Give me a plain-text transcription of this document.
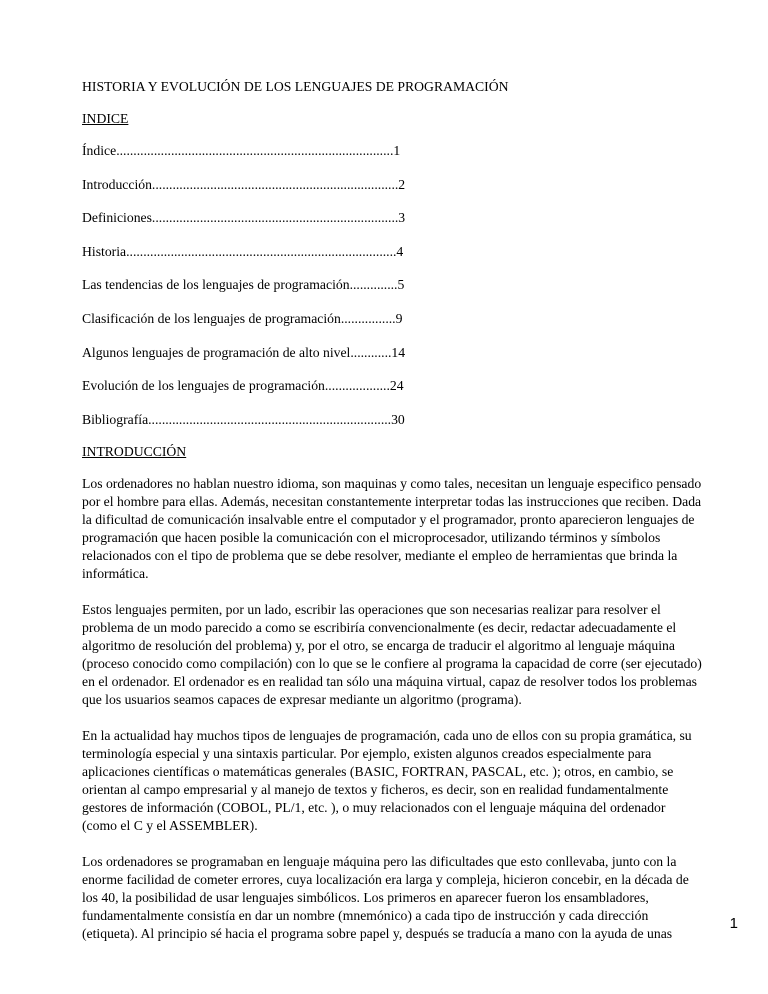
HISTORIA Y EVOLUCIÓN DE LOS LENGUAJES DE PROGRAMACIÓN

INDICE

Índice.................................................................................1
Introducción........................................................................2
Definiciones........................................................................3
Historia...............................................................................4
Las tendencias de los lenguajes de programación..............5
Clasificación de los lenguajes de programación................9
Algunos lenguajes de programación de alto nivel............14
Evolución de los lenguajes de programación...................24
Bibliografía.......................................................................30

INTRODUCCIÓN

Los ordenadores no hablan nuestro idioma, son maquinas y como tales, necesitan un lenguaje especifico pensado por el hombre para ellas. Además, necesitan constantemente interpretar todas las instrucciones que reciben. Dada la dificultad de comunicación insalvable entre el computador y el programador, pronto aparecieron lenguajes de programación que hacen posible la comunicación con el microprocesador, utilizando términos y símbolos relacionados con el tipo de problema que se debe resolver, mediante el empleo de herramientas que brinda la informática.

Estos lenguajes permiten, por un lado, escribir las operaciones que son necesarias realizar para resolver el problema de un modo parecido a como se escribiría convencionalmente (es decir, redactar adecuadamente el algoritmo de resolución del problema) y, por el otro, se encarga de traducir el algoritmo al lenguaje máquina (proceso conocido como compilación) con lo que se le confiere al programa la capacidad de corre (ser ejecutado) en el ordenador. El ordenador es en realidad tan sólo una máquina virtual, capaz de resolver todos los problemas que los usuarios seamos capaces de expresar mediante un algoritmo (programa).

En la actualidad hay muchos tipos de lenguajes de programación, cada uno de ellos con su propia gramática, su terminología especial y una sintaxis particular. Por ejemplo, existen algunos creados especialmente para aplicaciones científicas o matemáticas generales (BASIC, FORTRAN, PASCAL, etc. ); otros, en cambio, se orientan al campo empresarial y al manejo de textos y ficheros, es decir, son en realidad fundamentalmente gestores de información (COBOL, PL/1, etc. ), o muy relacionados con el lenguaje máquina del ordenador (como el C y el ASSEMBLER).

Los ordenadores se programaban en lenguaje máquina pero las dificultades que esto conllevaba, junto con la enorme facilidad de cometer errores, cuya localización era larga y compleja, hicieron concebir, en la década de los 40, la posibilidad de usar lenguajes simbólicos. Los primeros en aparecer fueron los ensambladores, fundamentalmente consistía en dar un nombre (mnemónico) a cada tipo de instrucción y cada dirección (etiqueta). Al principio sé hacia el programa sobre papel y, después se traducía a mano con la ayuda de unas

1
